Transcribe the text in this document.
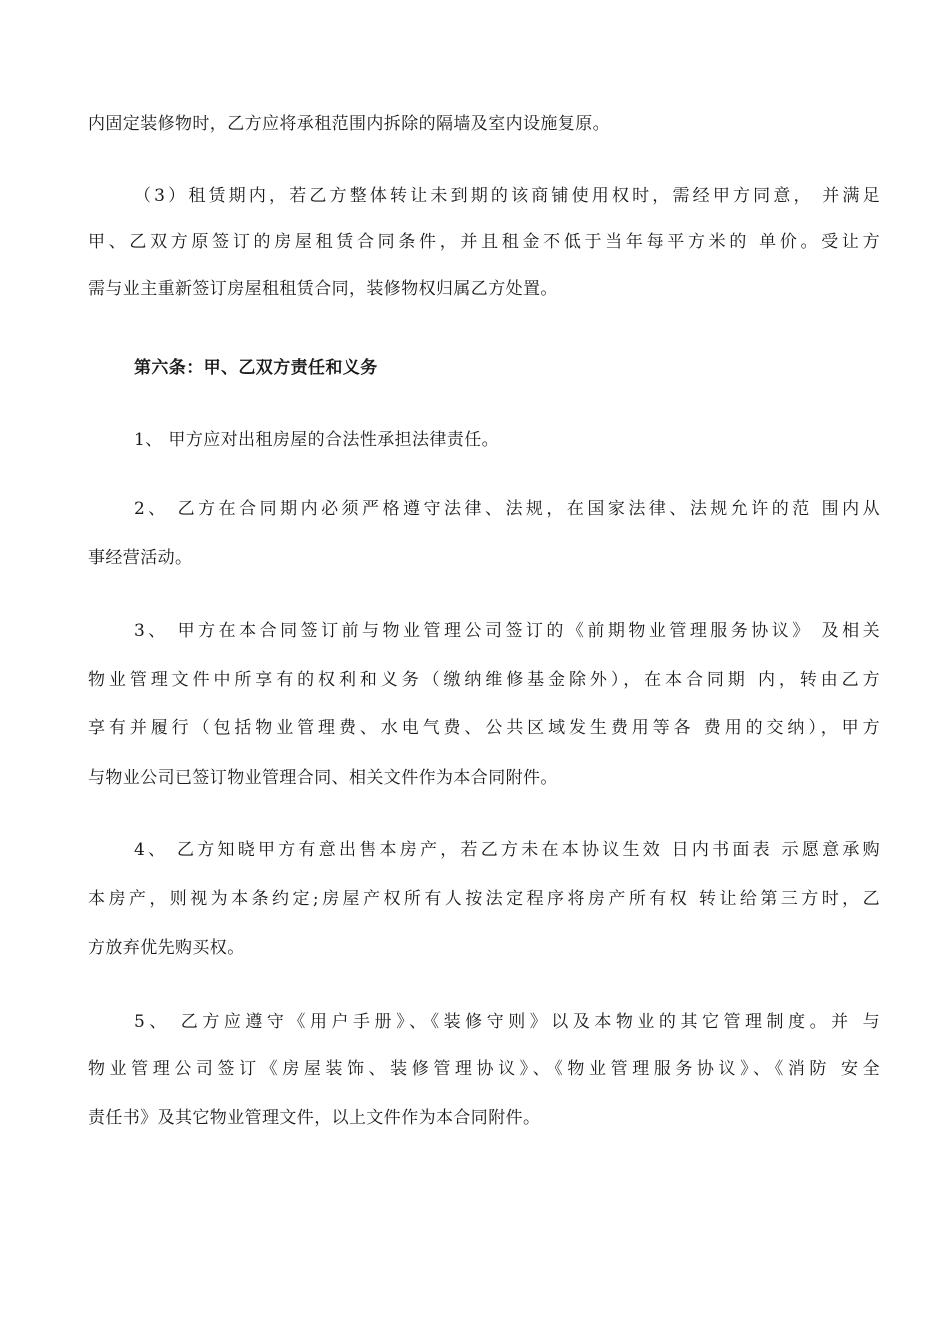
内固定装修物时，乙方应将承租范围内拆除的隔墙及室内设施复原。

（3）租赁期内，若乙方整体转让未到期的该商铺使用权时，需经甲方同意， 并满足

甲、乙双方原签订的房屋租赁合同条件，并且租金不低于当年每平方米的 单价。受让方

需与业主重新签订房屋租租赁合同，装修物权归属乙方处置。

第六条：甲、乙双方责任和义务

1、 甲方应对出租房屋的合法性承担法律责任。

2、 乙方在合同期内必须严格遵守法律、法规，在国家法律、法规允许的范 围内从

事经营活动。

3、 甲方在本合同签订前与物业管理公司签订的《前期物业管理服务协议》 及相关

物业管理文件中所享有的权利和义务（缴纳维修基金除外），在本合同期 内，转由乙方

享有并履行（包括物业管理费、水电气费、公共区域发生费用等各 费用的交纳），甲方

与物业公司已签订物业管理合同、相关文件作为本合同附件。

4、 乙方知晓甲方有意出售本房产，若乙方未在本协议生效 日内书面表 示愿意承购

本房产，则视为本条约定;房屋产权所有人按法定程序将房产所有权 转让给第三方时，乙

方放弃优先购买权。

5、 乙方应遵守《用户手册》、《装修守则》以及本物业的其它管理制度。并 与

物业管理公司签订《房屋装饰、装修管理协议》、《物业管理服务协议》、《消防 安全

责任书》及其它物业管理文件，以上文件作为本合同附件。
